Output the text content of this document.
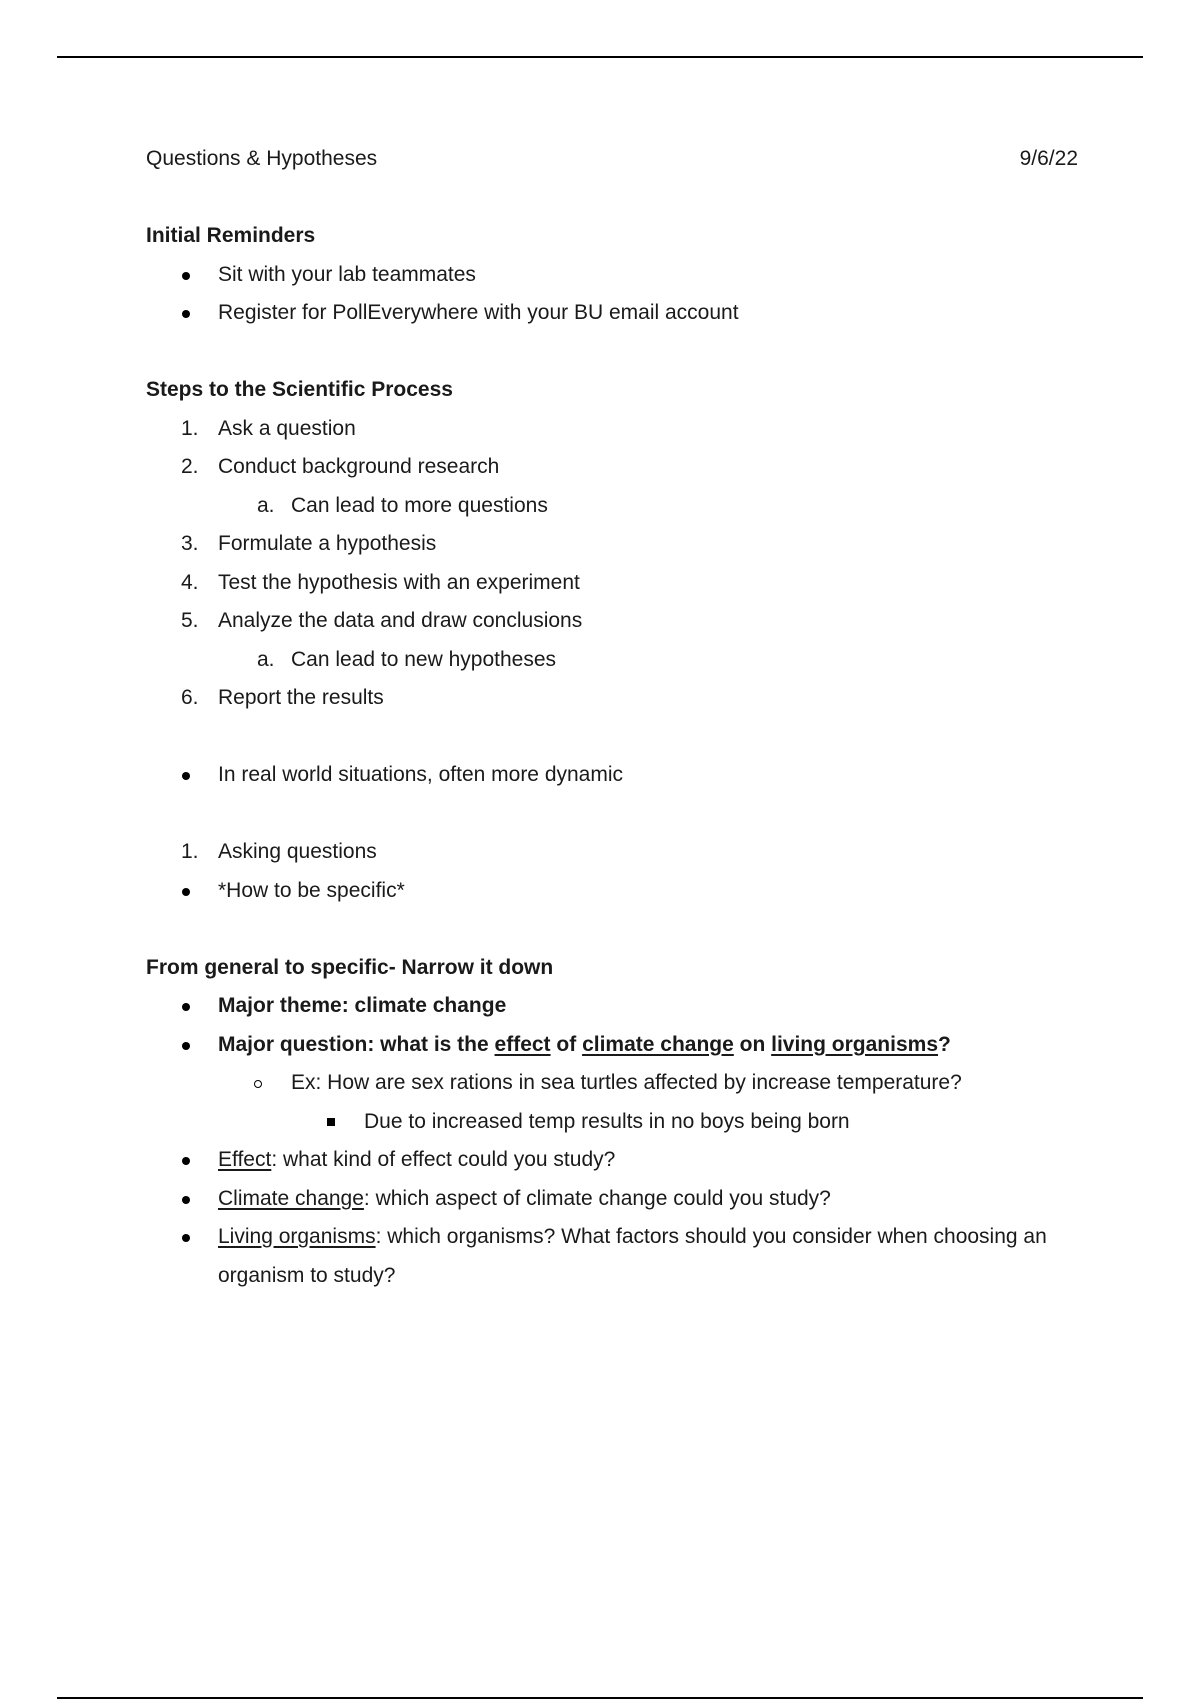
Questions & Hypotheses	9/6/22
Initial Reminders
Sit with your lab teammates
Register for PollEverywhere with your BU email account
Steps to the Scientific Process
1. Ask a question
2. Conduct background research
a. Can lead to more questions
3. Formulate a hypothesis
4. Test the hypothesis with an experiment
5. Analyze the data and draw conclusions
a. Can lead to new hypotheses
6. Report the results
In real world situations, often more dynamic
1. Asking questions
*How to be specific*
From general to specific- Narrow it down
Major theme: climate change
Major question: what is the effect of climate change on living organisms?
Ex: How are sex rations in sea turtles affected by increase temperature?
Due to increased temp results in no boys being born
Effect: what kind of effect could you study?
Climate change: which aspect of climate change could you study?
Living organisms: which organisms? What factors should you consider when choosing an organism to study?
